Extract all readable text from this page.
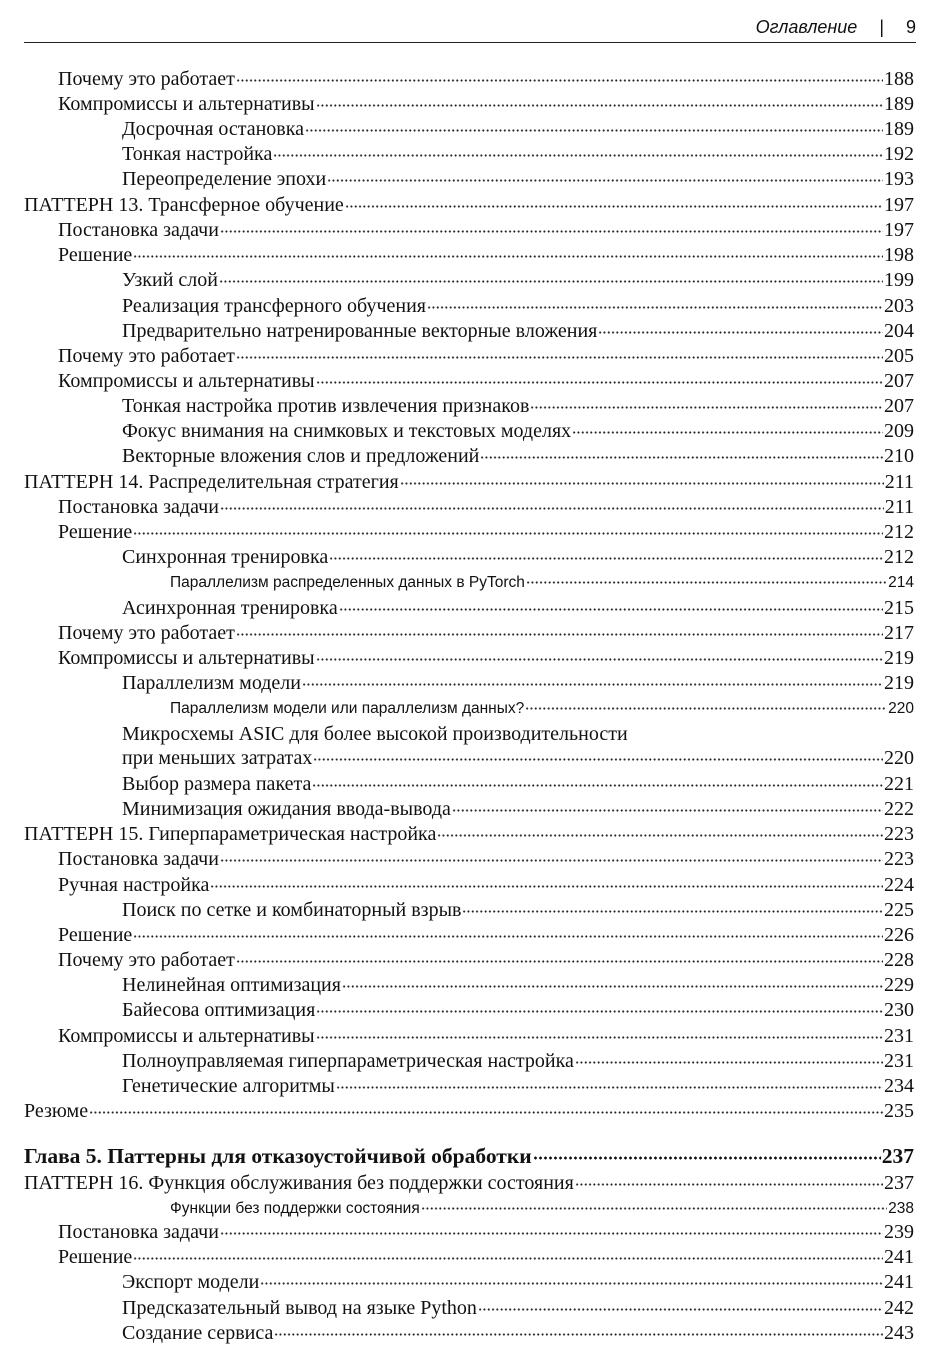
Оглавление | 9
Почему это работает	188
Компромиссы и альтернативы	189
Досрочная остановка	189
Тонкая настройка	192
Переопределение эпохи	193
ПАТТЕРН 13. Трансферное обучение	197
Постановка задачи	197
Решение	198
Узкий слой	199
Реализация трансферного обучения	203
Предварительно натренированные векторные вложения	204
Почему это работает	205
Компромиссы и альтернативы	207
Тонкая настройка против извлечения признаков	207
Фокус внимания на снимковых и текстовых моделях	209
Векторные вложения слов и предложений	210
ПАТТЕРН 14. Распределительная стратегия	211
Постановка задачи	211
Решение	212
Синхронная тренировка	212
Параллелизм распределенных данных в PyTorch	214
Асинхронная тренировка	215
Почему это работает	217
Компромиссы и альтернативы	219
Параллелизм модели	219
Параллелизм модели или параллелизм данных?	220
Микросхемы ASIC для более высокой производительности
при меньших затратах	220
Выбор размера пакета	221
Минимизация ожидания ввода-вывода	222
ПАТТЕРН 15. Гиперпараметрическая настройка	223
Постановка задачи	223
Ручная настройка	224
Поиск по сетке и комбинаторный взрыв	225
Решение	226
Почему это работает	228
Нелинейная оптимизация	229
Байесова оптимизация	230
Компромиссы и альтернативы	231
Полноуправляемая гиперпараметрическая настройка	231
Генетические алгоритмы	234
Резюме	235
Глава 5. Паттерны для отказоустойчивой обработки	237
ПАТТЕРН 16. Функция обслуживания без поддержки состояния	237
Функции без поддержки состояния	238
Постановка задачи	239
Решение	241
Экспорт модели	241
Предсказательный вывод на языке Python	242
Создание сервиса	243
